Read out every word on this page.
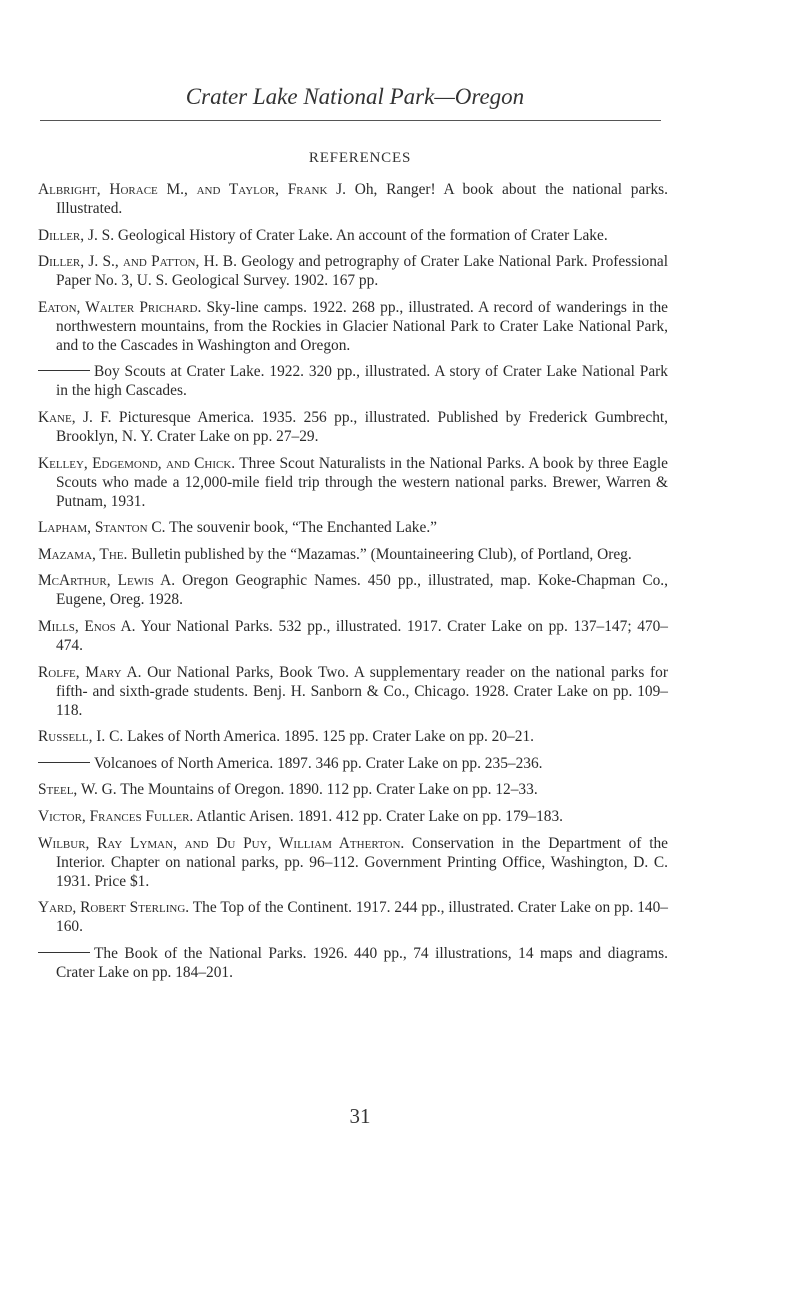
Crater Lake National Park—Oregon
REFERENCES

Albright, Horace M., and Taylor, Frank J. Oh, Ranger! A book about the national parks. Illustrated.

Diller, J. S. Geological History of Crater Lake. An account of the formation of Crater Lake.

Diller, J. S., and Patton, H. B. Geology and petrography of Crater Lake National Park. Professional Paper No. 3, U. S. Geological Survey. 1902. 167 pp.

Eaton, Walter Prichard. Sky-line camps. 1922. 268 pp., illustrated. A record of wanderings in the northwestern mountains, from the Rockies in Glacier National Park to Crater Lake National Park, and to the Cascades in Washington and Oregon.

Boy Scouts at Crater Lake. 1922. 320 pp., illustrated. A story of Crater Lake National Park in the high Cascades.

Kane, J. F. Picturesque America. 1935. 256 pp., illustrated. Published by Frederick Gumbrecht, Brooklyn, N. Y. Crater Lake on pp. 27–29.

Kelley, Edgemond, and Chick. Three Scout Naturalists in the National Parks. A book by three Eagle Scouts who made a 12,000-mile field trip through the western national parks. Brewer, Warren & Putnam, 1931.

Lapham, Stanton C. The souvenir book, “The Enchanted Lake.”

Mazama, The. Bulletin published by the “Mazamas.” (Mountaineering Club), of Portland, Oreg.

McArthur, Lewis A. Oregon Geographic Names. 450 pp., illustrated, map. Koke-Chapman Co., Eugene, Oreg. 1928.

Mills, Enos A. Your National Parks. 532 pp., illustrated. 1917. Crater Lake on pp. 137–147; 470–474.

Rolfe, Mary A. Our National Parks, Book Two. A supplementary reader on the national parks for fifth- and sixth-grade students. Benj. H. Sanborn & Co., Chicago. 1928. Crater Lake on pp. 109–118.

Russell, I. C. Lakes of North America. 1895. 125 pp. Crater Lake on pp. 20–21.

Volcanoes of North America. 1897. 346 pp. Crater Lake on pp. 235–236.

Steel, W. G. The Mountains of Oregon. 1890. 112 pp. Crater Lake on pp. 12–33.

Victor, Frances Fuller. Atlantic Arisen. 1891. 412 pp. Crater Lake on pp. 179–183.

Wilbur, Ray Lyman, and Du Puy, William Atherton. Conservation in the Department of the Interior. Chapter on national parks, pp. 96–112. Government Printing Office, Washington, D. C. 1931. Price $1.

Yard, Robert Sterling. The Top of the Continent. 1917. 244 pp., illustrated. Crater Lake on pp. 140–160.

The Book of the National Parks. 1926. 440 pp., 74 illustrations, 14 maps and diagrams. Crater Lake on pp. 184–201.

31
